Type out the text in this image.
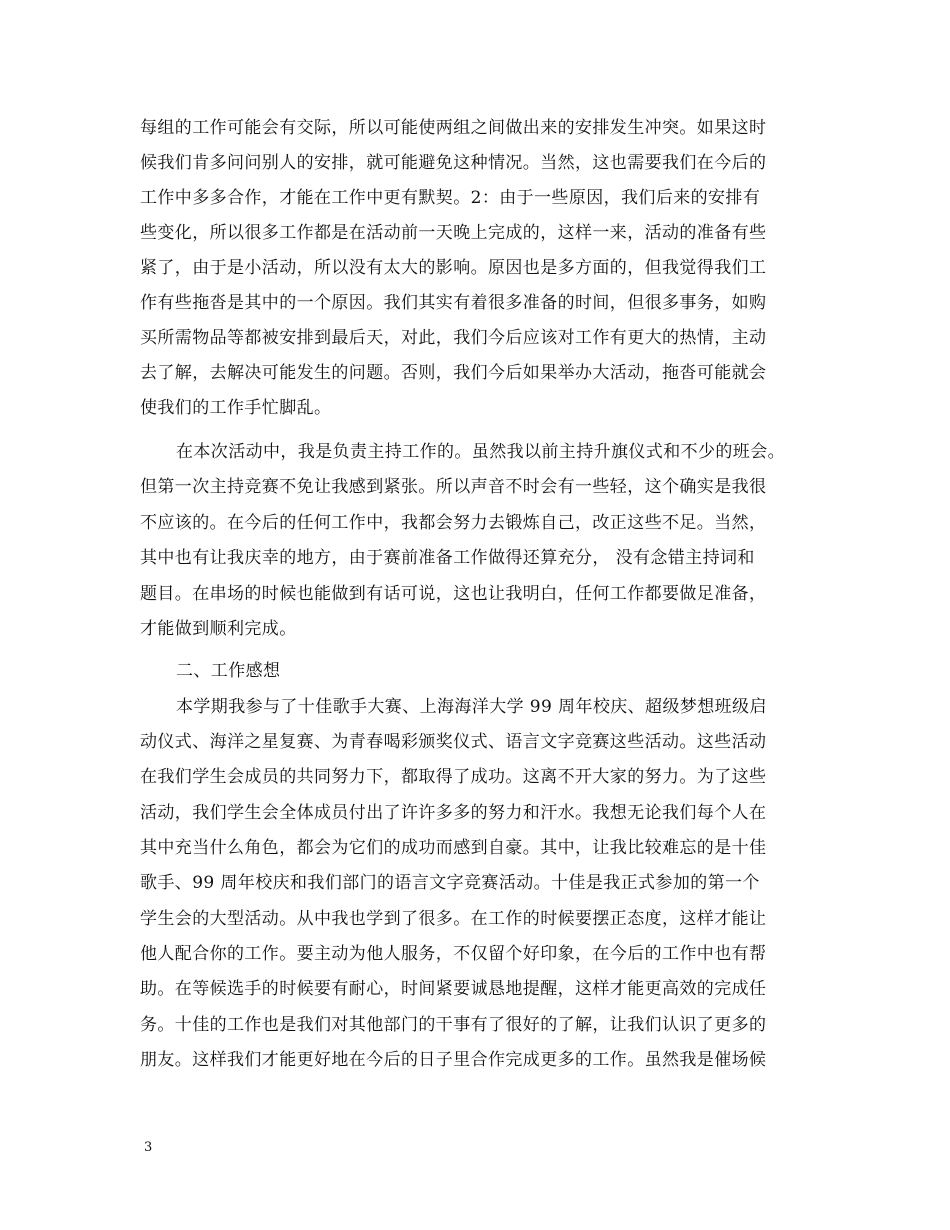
每组的工作可能会有交际，所以可能使两组之间做出来的安排发生冲突。如果这时
候我们肯多问问别人的安排，就可能避免这种情况。当然，这也需要我们在今后的
工作中多多合作，才能在工作中更有默契。2：由于一些原因，我们后来的安排有
些变化，所以很多工作都是在活动前一天晚上完成的，这样一来，活动的准备有些
紧了，由于是小活动，所以没有太大的影响。原因也是多方面的，但我觉得我们工
作有些拖沓是其中的一个原因。我们其实有着很多准备的时间，但很多事务，如购
买所需物品等都被安排到最后天，对此，我们今后应该对工作有更大的热情，主动
去了解，去解决可能发生的问题。否则，我们今后如果举办大活动，拖沓可能就会
使我们的工作手忙脚乱。
在本次活动中，我是负责主持工作的。虽然我以前主持升旗仪式和不少的班会。
但第一次主持竞赛不免让我感到紧张。所以声音不时会有一些轻，这个确实是我很
不应该的。在今后的任何工作中，我都会努力去锻炼自己，改正这些不足。当然，
其中也有让我庆幸的地方，由于赛前准备工作做得还算充分， 没有念错主持词和
题目。在串场的时候也能做到有话可说，这也让我明白，任何工作都要做足准备，
才能做到顺利完成。
二、工作感想
本学期我参与了十佳歌手大赛、上海海洋大学 99 周年校庆、超级梦想班级启
动仪式、海洋之星复赛、为青春喝彩颁奖仪式、语言文字竞赛这些活动。这些活动
在我们学生会成员的共同努力下，都取得了成功。这离不开大家的努力。为了这些
活动，我们学生会全体成员付出了许许多多的努力和汗水。我想无论我们每个人在
其中充当什么角色，都会为它们的成功而感到自豪。其中，让我比较难忘的是十佳
歌手、99 周年校庆和我们部门的语言文字竞赛活动。十佳是我正式参加的第一个
学生会的大型活动。从中我也学到了很多。在工作的时候要摆正态度，这样才能让
他人配合你的工作。要主动为他人服务，不仅留个好印象，在今后的工作中也有帮
助。在等候选手的时候要有耐心，时间紧要诚恳地提醒，这样才能更高效的完成任
务。十佳的工作也是我们对其他部门的干事有了很好的了解，让我们认识了更多的
朋友。这样我们才能更好地在今后的日子里合作完成更多的工作。虽然我是催场候
3
